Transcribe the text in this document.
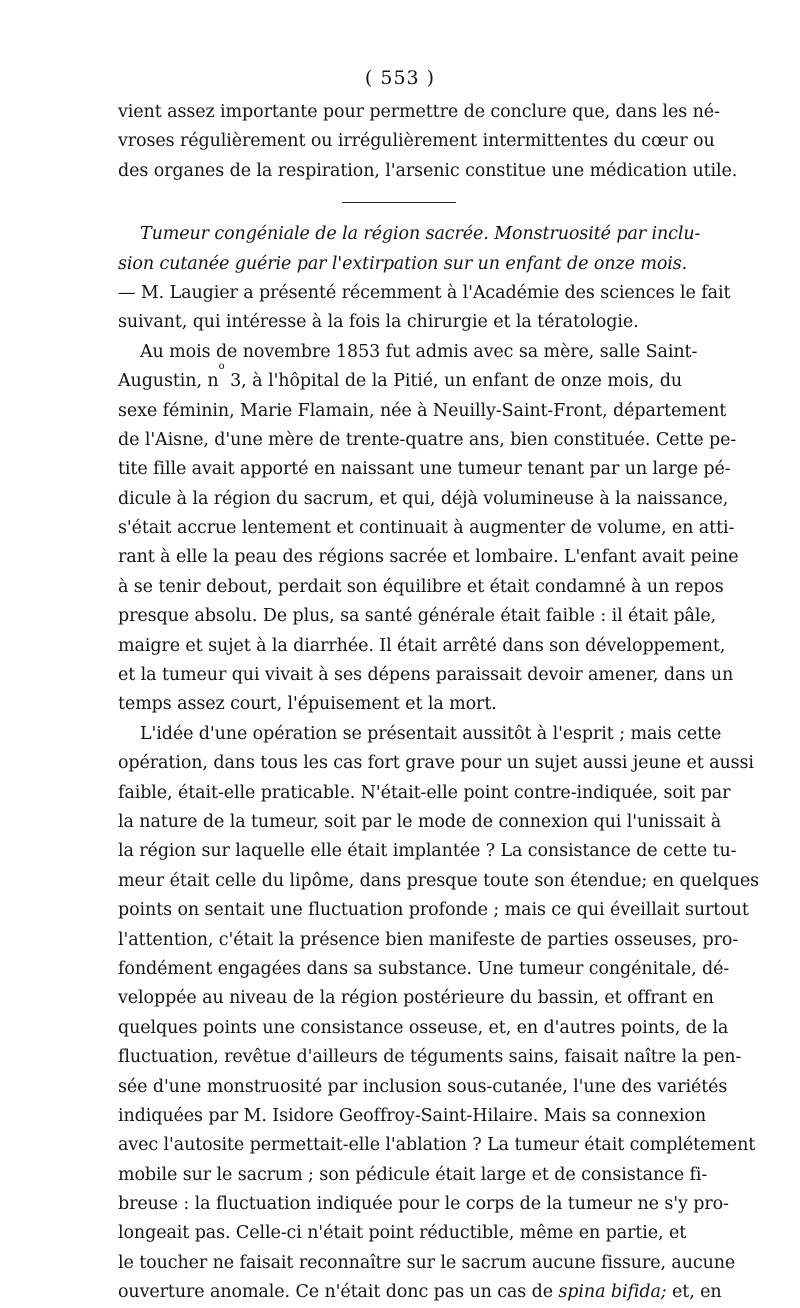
( 553 )
vient assez importante pour permettre de conclure que, dans les né-
vroses régulièrement ou irrégulièrement intermittentes du cœur ou
des organes de la respiration, l'arsenic constitue une médication utile.
Tumeur congéniale de la région sacrée. Monstruosité par inclu-
sion cutanée guérie par l'extirpation sur un enfant de onze mois.
— M. Laugier a présenté récemment à l'Académie des sciences le fait
suivant, qui intéresse à la fois la chirurgie et la tératologie.
Au mois de novembre 1853 fut admis avec sa mère, salle Saint-
Augustin, n
o
3, à l'hôpital de la Pitié, un enfant de onze mois, du
sexe féminin, Marie Flamain, née à Neuilly-Saint-Front, département
de l'Aisne, d'une mère de trente-quatre ans, bien constituée. Cette pe-
tite fille avait apporté en naissant une tumeur tenant par un large pé-
dicule à la région du sacrum, et qui, déjà volumineuse à la naissance,
s'était accrue lentement et continuait à augmenter de volume, en atti-
rant à elle la peau des régions sacrée et lombaire. L'enfant avait peine
à se tenir debout, perdait son équilibre et était condamné à un repos
presque absolu. De plus, sa santé générale était faible : il était pâle,
maigre et sujet à la diarrhée. Il était arrêté dans son développement,
et la tumeur qui vivait à ses dépens paraissait devoir amener, dans un
temps assez court, l'épuisement et la mort.
L'idée d'une opération se présentait aussitôt à l'esprit ; mais cette
opération, dans tous les cas fort grave pour un sujet aussi jeune et aussi
faible, était-elle praticable. N'était-elle point contre-indiquée, soit par
la nature de la tumeur, soit par le mode de connexion qui l'unissait à
la région sur laquelle elle était implantée ? La consistance de cette tu-
meur était celle du lipôme, dans presque toute son étendue; en quelques
points on sentait une fluctuation profonde ; mais ce qui éveillait surtout
l'attention, c'était la présence bien manifeste de parties osseuses, pro-
fondément engagées dans sa substance. Une tumeur congénitale, dé-
veloppée au niveau de la région postérieure du bassin, et offrant en
quelques points une consistance osseuse, et, en d'autres points, de la
fluctuation, revêtue d'ailleurs de téguments sains, faisait naître la pen-
sée d'une monstruosité par inclusion sous-cutanée, l'une des variétés
indiquées par M. Isidore Geoffroy-Saint-Hilaire. Mais sa connexion
avec l'autosite permettait-elle l'ablation ? La tumeur était complétement
mobile sur le sacrum ; son pédicule était large et de consistance fi-
breuse : la fluctuation indiquée pour le corps de la tumeur ne s'y pro-
longeait pas. Celle-ci n'était point réductible, même en partie, et
le toucher ne faisait reconnaître sur le sacrum aucune fissure, aucune
ouverture anomale. Ce n'était donc pas un cas de spina bifida; et, en
